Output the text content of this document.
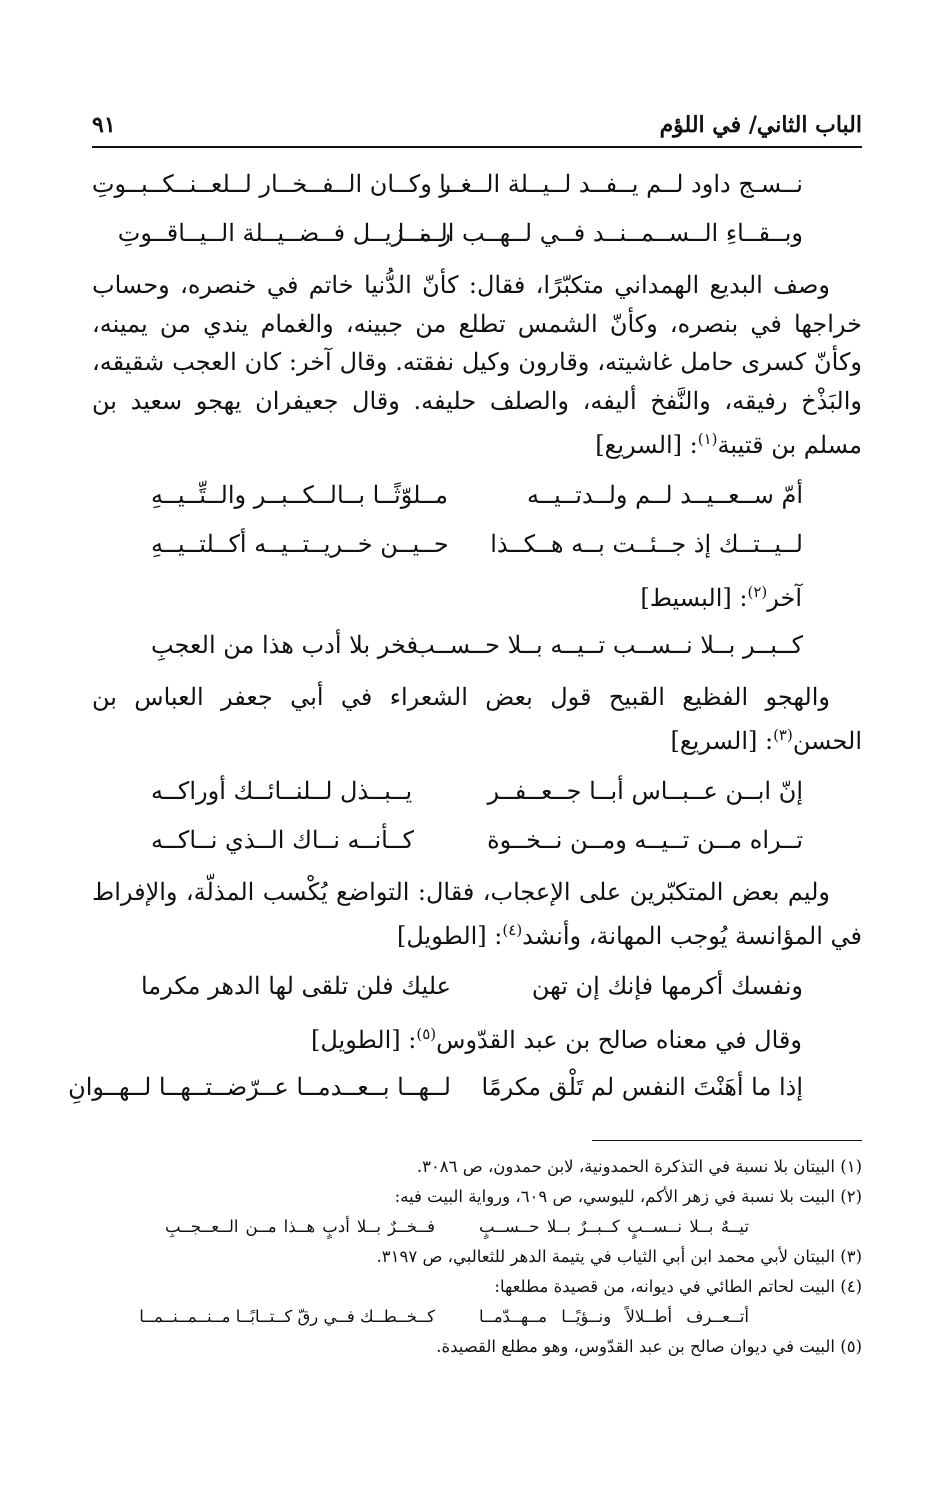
الباب الثاني/ في اللؤم
٩١
نــسـج داود لــم يــفــد لــيــلة الــغــا
ر وكــان الــفــخــار لــلعــنــكــبــوتِ
وبــقــاءِ الــســمــنــد فــي لــهــب الــنــا
ر مــزيــل فــضــيــلة الــيــاقــوتِ

وصف البديع الهمداني متكبّرًا، فقال: كأنّ الدُّنيا خاتم في خنصره، وحساب خراجها في بنصره، وكأنّ الشمس تطلع من جبينه، والغمام يندي من يمينه، وكأنّ كسرى حامل غاشيته، وقارون وكيل نفقته. وقال آخر: كان العجب شقيقه، والبَذْخ رفيقه، والنَّفخ أليفه، والصلف حليفه. وقال جعيفران يهجو سعيد بن مسلم بن قتيبة$^{(١)}$: [السريع]

أمّ ســعــيــد لــم ولــدتــيــه
مــلوّثًــا بــالــكــبــر والــتِّــيــهِ
لــيــتــك إذ جــئــت بــه هــكــذا
حــيــن خــريــتــيــه أكــلتــيــهِ
آخر$^{(٢)}$: [البسيط]
كــبــر بــلا نــســب تــيــه بــلا حــســب
فخر بلا أدب هذا من العجبِ

والهجو الفظيع القبيح قول بعض الشعراء في أبي جعفر العباس بن الحسن$^{(٣)}$: [السريع]

إنّ ابــن عــبــاس أبــا جــعــفــر
يــبــذل لــلنــائــك أوراكــه
تــراه مــن تــيــه ومــن نــخــوة
كــأنــه نــاك الــذي نــاكــه

وليم بعض المتكبّرين على الإعجاب، فقال: التواضع يُكْسب المذلّة، والإفراط في المؤانسة يُوجب المهانة، وأنشد$^{(٤)}$: [الطويل]

ونفسك أكرمها فإنك إن تهن
عليك فلن تلقى لها الدهر مكرما
وقال في معناه صالح بن عبد القدّوس$^{(٥)}$: [الطويل]
إذا ما أهَنْتَ النفس لم تَلْق مكرمًا
لــهــا بــعــدمــا عــرّضــتــهــا لــهــوانِ
(١) البيتان بلا نسبة في التذكرة الحمدونية، لابن حمدون، ص ٣٠٨٦.
(٢) البيت بلا نسبة في زهر الأكم، لليوسي، ص ٦٠٩، ورواية البيت فيه:
تيــهٌ بــلا نــســبٍ كــبــرٌ بــلا حــســبٍ
فــخــرٌ بــلا أدبٍ هــذا مــن الــعــجــبِ
(٣) البيتان لأبي محمد ابن أبي الثياب في يتيمة الدهر للثعالبي، ص ٣١٩٧.
(٤) البيت لحاتم الطائي في ديوانه، من قصيدة مطلعها:
أتــعــرف أطــلالاً ونــؤيًــا مــهــدّمــا
كــخــطــك فــي رقّ كــتــابًــا مــنــمــنــمــا
(٥) البيت في ديوان صالح بن عبد القدّوس، وهو مطلع القصيدة.
